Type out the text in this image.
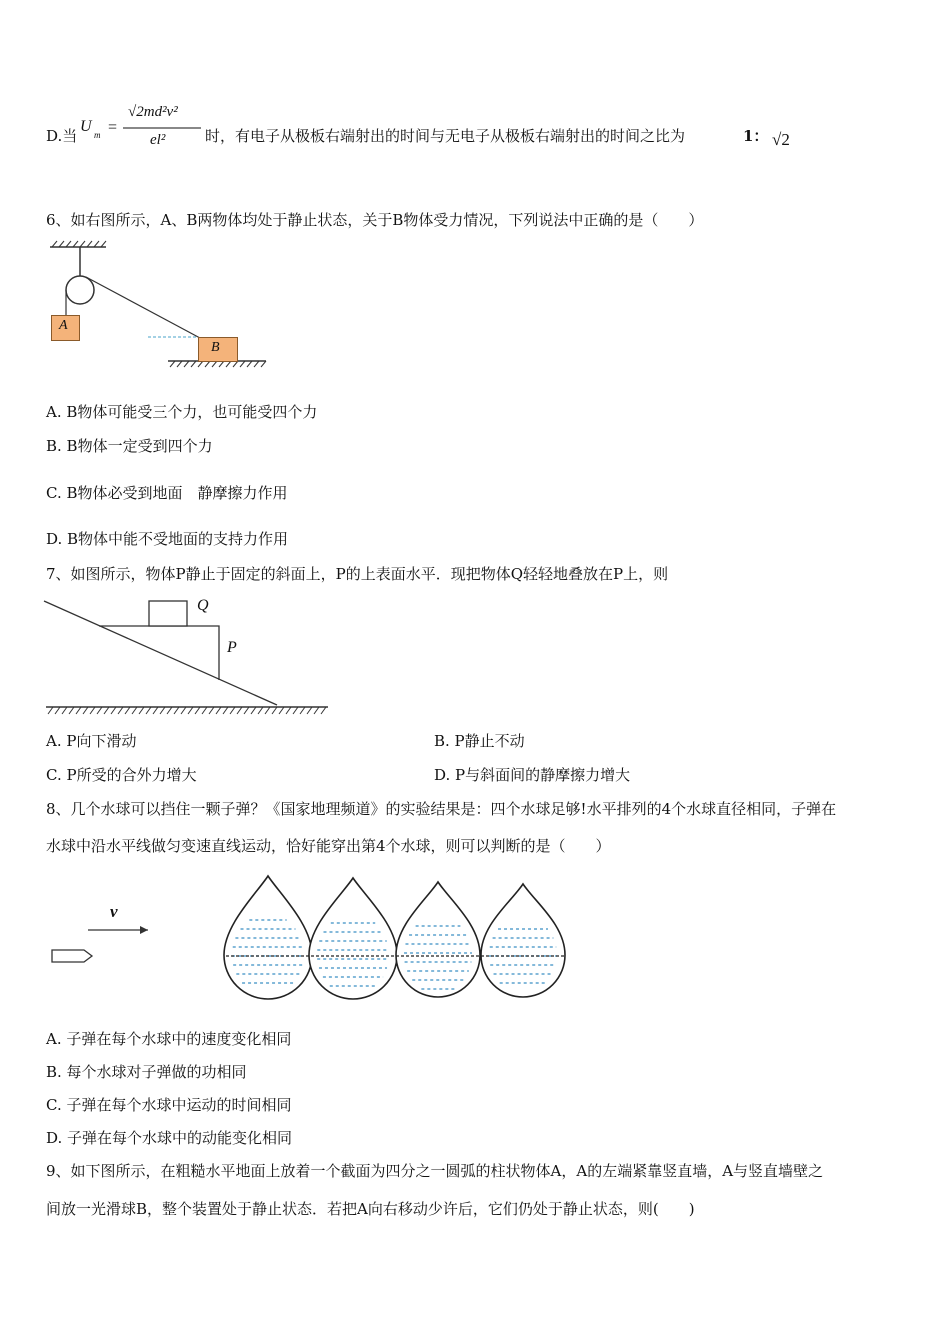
D.当
U m =
√2md²v²
el²	时，有电子从极板右端射出的时间与无电子从极板右端射出的时间之比为	1： √2
6、如右图所示，A、B两物体均处于静止状态，关于B物体受力情况，下列说法中正确的是（　　）
A
B
A. B物体可能受三个力，也可能受四个力
B. B物体一定受到四个力
C. B物体必受到地面　静摩擦力作用
D. B物体中能不受地面的支持力作用
7、如图所示，物体P静止于固定的斜面上，P的上表面水平．现把物体Q轻轻地叠放在P上，则
Q
P
A. P向下滑动	B. P静止不动
C. P所受的合外力增大	D. P与斜面间的静摩擦力增大
8、几个水球可以挡住一颗子弹？《国家地理频道》的实验结果是：四个水球足够!水平排列的4个水球直径相同，子弹在
水球中沿水平线做匀变速直线运动，恰好能穿出第4个水球，则可以判断的是（　　）
v
A. 子弹在每个水球中的速度变化相同
B. 每个水球对子弹做的功相同
C. 子弹在每个水球中运动的时间相同
D. 子弹在每个水球中的动能变化相同
9、如下图所示，在粗糙水平地面上放着一个截面为四分之一圆弧的柱状物体A，A的左端紧靠竖直墙，A与竖直墙壁之
间放一光滑球B，整个装置处于静止状态．若把A向右移动少许后，它们仍处于静止状态，则(　　)
